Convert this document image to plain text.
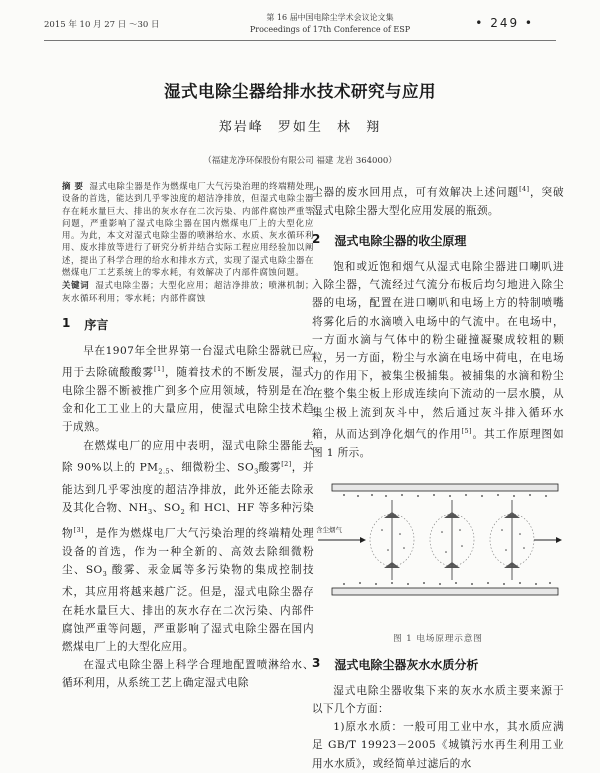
2015 年 10 月 27 日 ～30 日
第 16 届中国电除尘学术会议论文集
Proceedings of 17th Conference of ESP	• 249 •
湿式电除尘器给排水技术研究与应用
郑岩峰 罗如生 林 翔
（福建龙净环保股份有限公司 福建 龙岩 364000）

摘 要 湿式电除尘器是作为燃煤电厂大气污染治理的终端精处理设备的首选，能达到几乎零浊度的超洁净排放，但湿式电除尘器存在耗水量巨大、排出的灰水存在二次污染、内部件腐蚀严重等问题，严重影响了湿式电除尘器在国内燃煤电厂上的大型化应用。为此，本文对湿式电除尘器的喷淋给水、水质、灰水循环利用、废水排放等进行了研究分析并结合实际工程应用经验加以阐述，提出了科学合理的给水和排水方式，实现了湿式电除尘器在燃煤电厂工艺系统上的零水耗，有效解决了内部件腐蚀问题。

关键词 湿式电除尘器；大型化应用；超洁净排放；喷淋机制；灰水循环利用；零水耗；内部件腐蚀

1 序言

早在1907年全世界第一台湿式电除尘器就已应用于去除硫酸酸雾[1]，随着技术的不断发展，湿式电除尘器不断被推广到多个应用领域，特别是在冶金和化工工业上的大量应用，使湿式电除尘技术趋于成熟。

在燃煤电厂的应用中表明，湿式电除尘器能去除 90%以上的 $PM_{2.5}$、细微粉尘、$SO_3$酸雾[2]，并能达到几乎零浊度的超洁净排放，此外还能去除汞及其化合物、$NH_3$、$SO_2$ 和 HCl、HF 等多种污染物[3]，是作为燃煤电厂大气污染治理的终端精处理设备的首选，作为一种全新的、高效去除细微粉尘、$SO_3$ 酸雾、汞金属等多污染物的集成控制技术，其应用将越来越广泛。但是，湿式电除尘器存在耗水量巨大、排出的灰水存在二次污染、内部件腐蚀严重等问题，严重影响了湿式电除尘器在国内燃煤电厂上的大型化应用。

在湿式电除尘器上科学合理地配置喷淋给水、循环利用，从系统工艺上确定湿式电除

尘器的废水回用点，可有效解决上述问题[4]，突破湿式电除尘器大型化应用发展的瓶颈。

2 湿式电除尘器的收尘原理

饱和或近饱和烟气从湿式电除尘器进口喇叭进入除尘器，气流经过气流分布板后均匀地进入除尘器的电场，配置在进口喇叭和电场上方的特制喷嘴将雾化后的水滴喷入电场中的气流中。在电场中，一方面水滴与气体中的粉尘碰撞凝聚成较粗的颗粒，另一方面，粉尘与水滴在电场中荷电，在电场力的作用下，被集尘极捕集。被捕集的水滴和粉尘在整个集尘板上形成连续向下流动的一层水膜，从集尘极上流到灰斗中，然后通过灰斗排入循环水箱，从而达到净化烟气的作用[5]。其工作原理图如图 1 所示。

含尘烟气
图 1 电场原理示意图
3 湿式电除尘器灰水水质分析

湿式电除尘器收集下来的灰水水质主要来源于以下几个方面：

1)原水水质：一般可用工业中水，其水质应满足 GB/T 19923－2005《城镇污水再生利用工业用水水质》，或经简单过滤后的水
